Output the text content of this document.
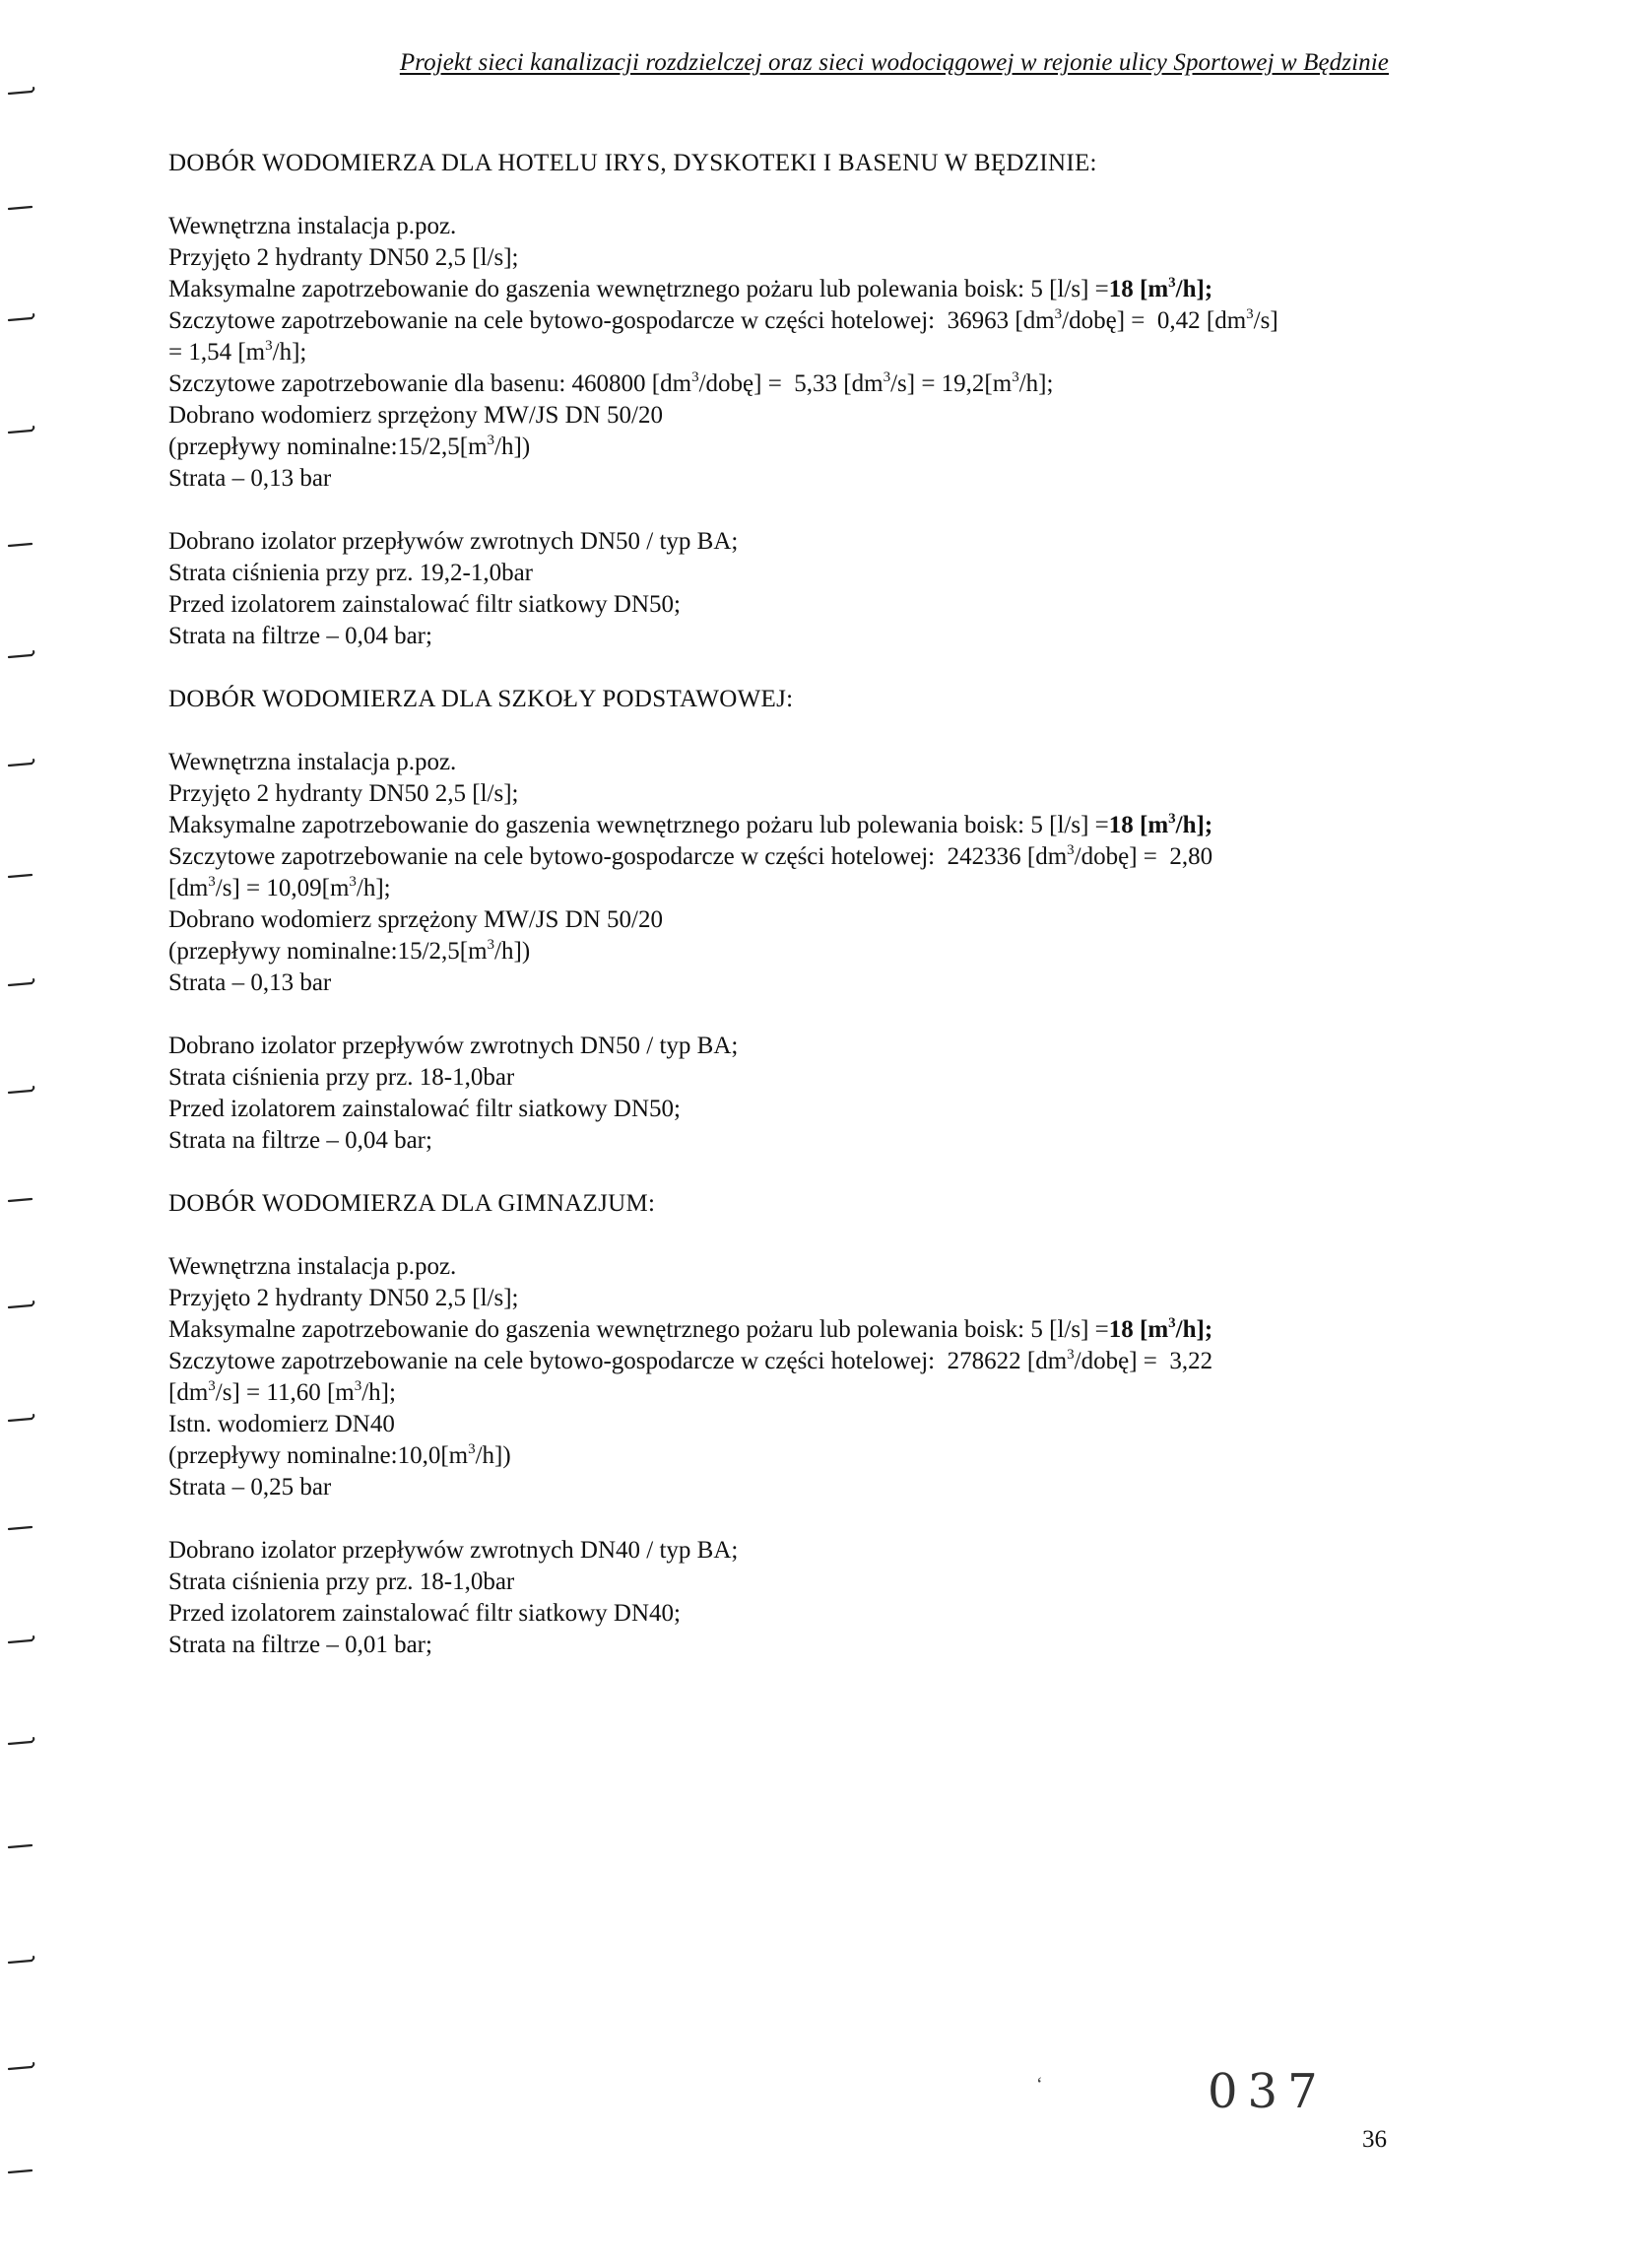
Projekt sieci kanalizacji rozdzielczej oraz sieci wodociągowej w rejonie ulicy Sportowej w Będzinie

DOBÓR WODOMIERZA DLA HOTELU IRYS, DYSKOTEKI I BASENU W BĘDZINIE:

Wewnętrzna instalacja p.poz.

Przyjęto 2 hydranty DN50 2,5 [l/s];

Maksymalne zapotrzebowanie do gaszenia wewnętrznego pożaru lub polewania boisk: 5 [l/s] =18 $[m^3/h]$;

Szczytowe zapotrzebowanie na cele bytowo-gospodarcze w części hotelowej:  36963 $[dm^3/dobę] = 0,42$ $[dm^3/s]$

= 1,54 $[m^3/h]$;

Szczytowe zapotrzebowanie dla basenu: 460800 $[dm^3/dobę] = 5,33$ $[dm^3/s] = 19,2[m^3/h]$;

Dobrano wodomierz sprzężony MW/JS DN 50/20

(przepływy $nominalne:15/2,5[m^3/h]$)

Strata – 0,13 bar

Dobrano izolator przepływów zwrotnych DN50 / typ BA;

Strata ciśnienia przy prz. 19,2-1,0bar

Przed izolatorem zainstalować filtr siatkowy DN50;

Strata na filtrze – 0,04 bar;

DOBÓR WODOMIERZA DLA SZKOŁY PODSTAWOWEJ:

Wewnętrzna instalacja p.poz.

Przyjęto 2 hydranty DN50 2,5 [l/s];

Maksymalne zapotrzebowanie do gaszenia wewnętrznego pożaru lub polewania boisk: 5 [l/s] =18 $[m^3/h]$;

Szczytowe zapotrzebowanie na cele bytowo-gospodarcze w części hotelowej:  242336 $[dm^3/dobę] = 2,80$

$[dm^3/s] = 10,09[m^3/h]$;

Dobrano wodomierz sprzężony MW/JS DN 50/20

(przepływy $nominalne:15/2,5[m^3/h]$)

Strata – 0,13 bar

Dobrano izolator przepływów zwrotnych DN50 / typ BA;

Strata ciśnienia przy prz. 18-1,0bar

Przed izolatorem zainstalować filtr siatkowy DN50;

Strata na filtrze – 0,04 bar;

DOBÓR WODOMIERZA DLA GIMNAZJUM:

Wewnętrzna instalacja p.poz.

Przyjęto 2 hydranty DN50 2,5 [l/s];

Maksymalne zapotrzebowanie do gaszenia wewnętrznego pożaru lub polewania boisk: 5 [l/s] =18 $[m^3/h]$;

Szczytowe zapotrzebowanie na cele bytowo-gospodarcze w części hotelowej:  278622 $[dm^3/dobę] = 3,22$

$[dm^3/s] = 11,60$ $[m^3/h]$;

Istn. wodomierz DN40

(przepływy $nominalne:10,0[m^3/h]$)

Strata – 0,25 bar

Dobrano izolator przepływów zwrotnych DN40 / typ BA;

Strata ciśnienia przy prz. 18-1,0bar

Przed izolatorem zainstalować filtr siatkowy DN40;

Strata na filtrze – 0,01 bar;

ʻ	037
36
